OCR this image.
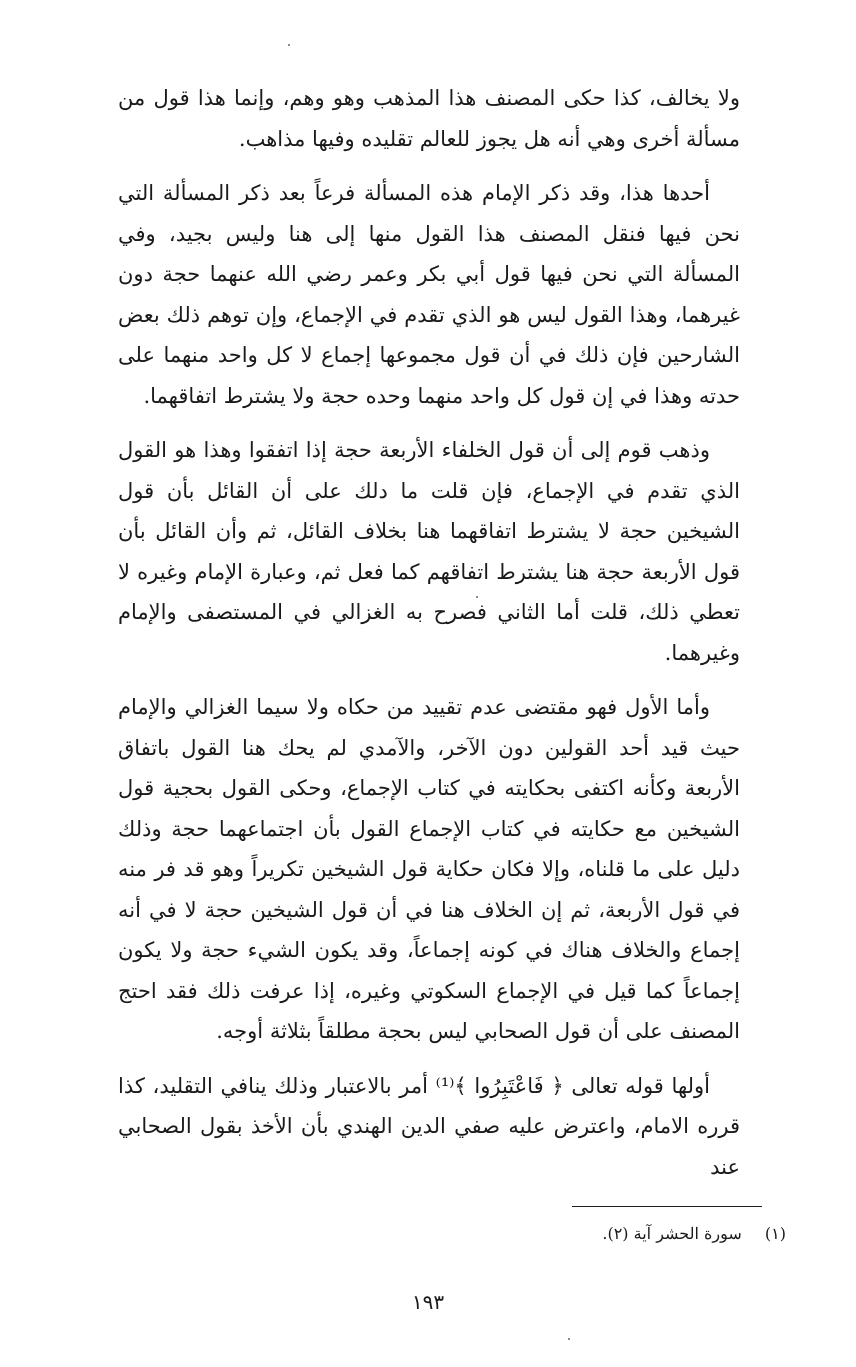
ولا يخالف، كذا حكى المصنف هذا المذهب وهو وهم، وإنما هذا قول من مسألة أخرى وهي أنه هل يجوز للعالم تقليده وفيها مذاهب.

أحدها هذا، وقد ذكر الإمام هذه المسألة فرعاً بعد ذكر المسألة التي نحن فيها فنقل المصنف هذا القول منها إلى هنا وليس بجيد، وفي المسألة التي نحن فيها قول أبي بكر وعمر رضي الله عنهما حجة دون غيرهما، وهذا القول ليس هو الذي تقدم في الإجماع، وإن توهم ذلك بعض الشارحين فإن ذلك في أن قول مجموعها إجماع لا كل واحد منهما على حدته وهذا في إن قول كل واحد منهما وحده حجة ولا يشترط اتفاقهما.

وذهب قوم إلى أن قول الخلفاء الأربعة حجة إذا اتفقوا وهذا هو القول الذي تقدم في الإجماع، فإن قلت ما دلك على أن القائل بأن قول الشيخين حجة لا يشترط اتفاقهما هنا بخلاف القائل، ثم وأن القائل بأن قول الأربعة حجة هنا يشترط اتفاقهم كما فعل ثم، وعبارة الإمام وغيره لا تعطي ذلك، قلت أما الثاني فصرح به الغزالي في المستصفى والإمام وغيرهما.

وأما الأول فهو مقتضى عدم تقييد من حكاه ولا سيما الغزالي والإمام حيث قيد أحد القولين دون الآخر، والآمدي لم يحك هنا القول باتفاق الأربعة وكأنه اكتفى بحكايته في كتاب الإجماع، وحكى القول بحجية قول الشيخين مع حكايته في كتاب الإجماع القول بأن اجتماعهما حجة وذلك دليل على ما قلناه، وإلا فكان حكاية قول الشيخين تكريراً وهو قد فر منه في قول الأربعة، ثم إن الخلاف هنا في أن قول الشيخين حجة لا في أنه إجماع والخلاف هناك في كونه إجماعاً، وقد يكون الشيء حجة ولا يكون إجماعاً كما قيل في الإجماع السكوتي وغيره، إذا عرفت ذلك فقد احتج المصنف على أن قول الصحابي ليس بحجة مطلقاً بثلاثة أوجه.

أولها قوله تعالى ﴿ فَاعْتَبِرُوا ﴾⁽¹⁾ أمر بالاعتبار وذلك ينافي التقليد، كذا قرره الامام، واعترض عليه صفي الدين الهندي بأن الأخذ بقول الصحابي عند

(١) سورة الحشر آية (٢).
١٩٣
